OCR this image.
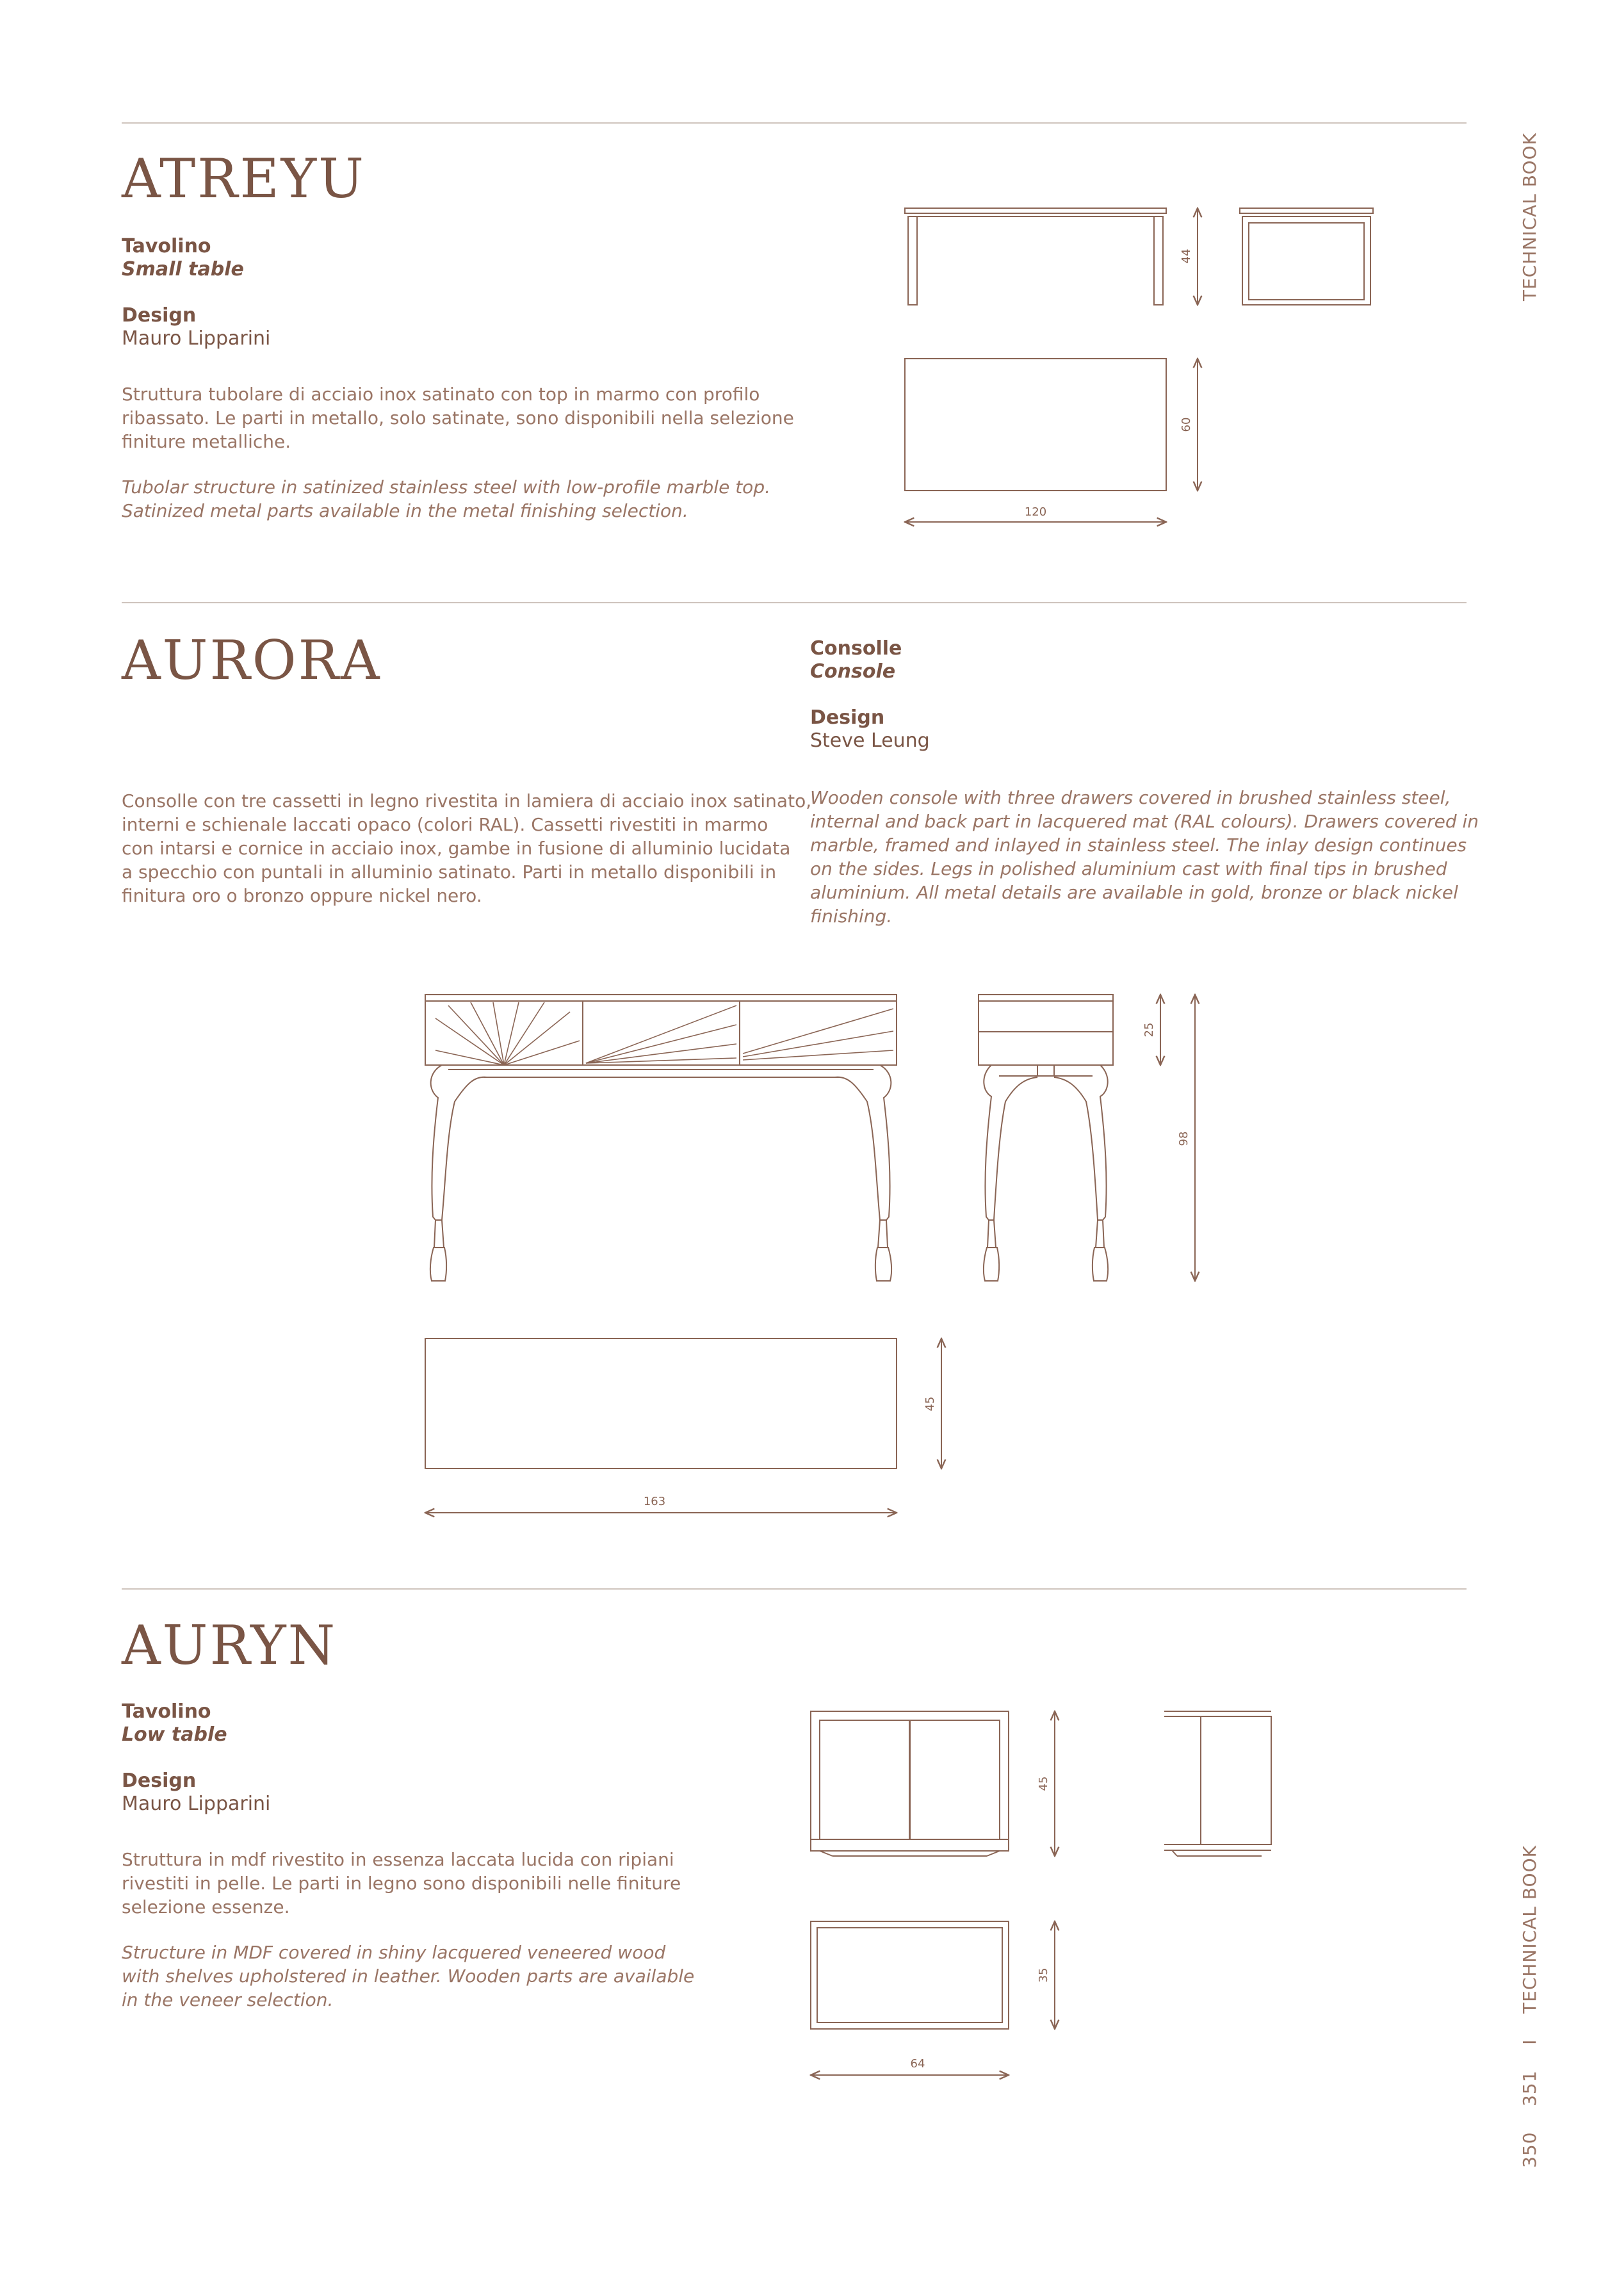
TECHNICAL BOOK
350    351    I    TECHNICAL BOOK
ATREYU
Tavolino
Small table
Design
Mauro Lipparini

Struttura tubolare di acciaio inox satinato con top in marmo con profilo
ribassato. Le parti in metallo, solo satinate, sono disponibili nella selezione
finiture metalliche.

Tubolar structure in satinized stainless steel with low-profile marble top.
Satinized metal parts available in the metal finishing selection.

AURORA	Consolle
Console
Design
Steve Leung

Consolle con tre cassetti in legno rivestita in lamiera di acciaio inox satinato,
interni e schienale laccati opaco (colori RAL). Cassetti rivestiti in marmo
con intarsi e cornice in acciaio inox, gambe in fusione di alluminio lucidata
a specchio con puntali in alluminio satinato. Parti in metallo disponibili in
finitura oro o bronzo oppure nickel nero.

Wooden console with three drawers covered in brushed stainless steel,
internal and back part in lacquered mat (RAL colours). Drawers covered in
marble, framed and inlayed in stainless steel. The inlay design continues
on the sides. Legs in polished aluminium cast with final tips in brushed
aluminium. All metal details are available in gold, bronze or black nickel
finishing.

AURYN
Tavolino
Low table
Design
Mauro Lipparini

Struttura in mdf rivestito in essenza laccata lucida con ripiani
rivestiti in pelle. Le parti in legno sono disponibili nelle finiture
selezione essenze.

Structure in MDF covered in shiny lacquered veneered wood
with shelves upholstered in leather. Wooden parts are available
in the veneer selection.

44
60
120
25
98
45
163
45
35
64
